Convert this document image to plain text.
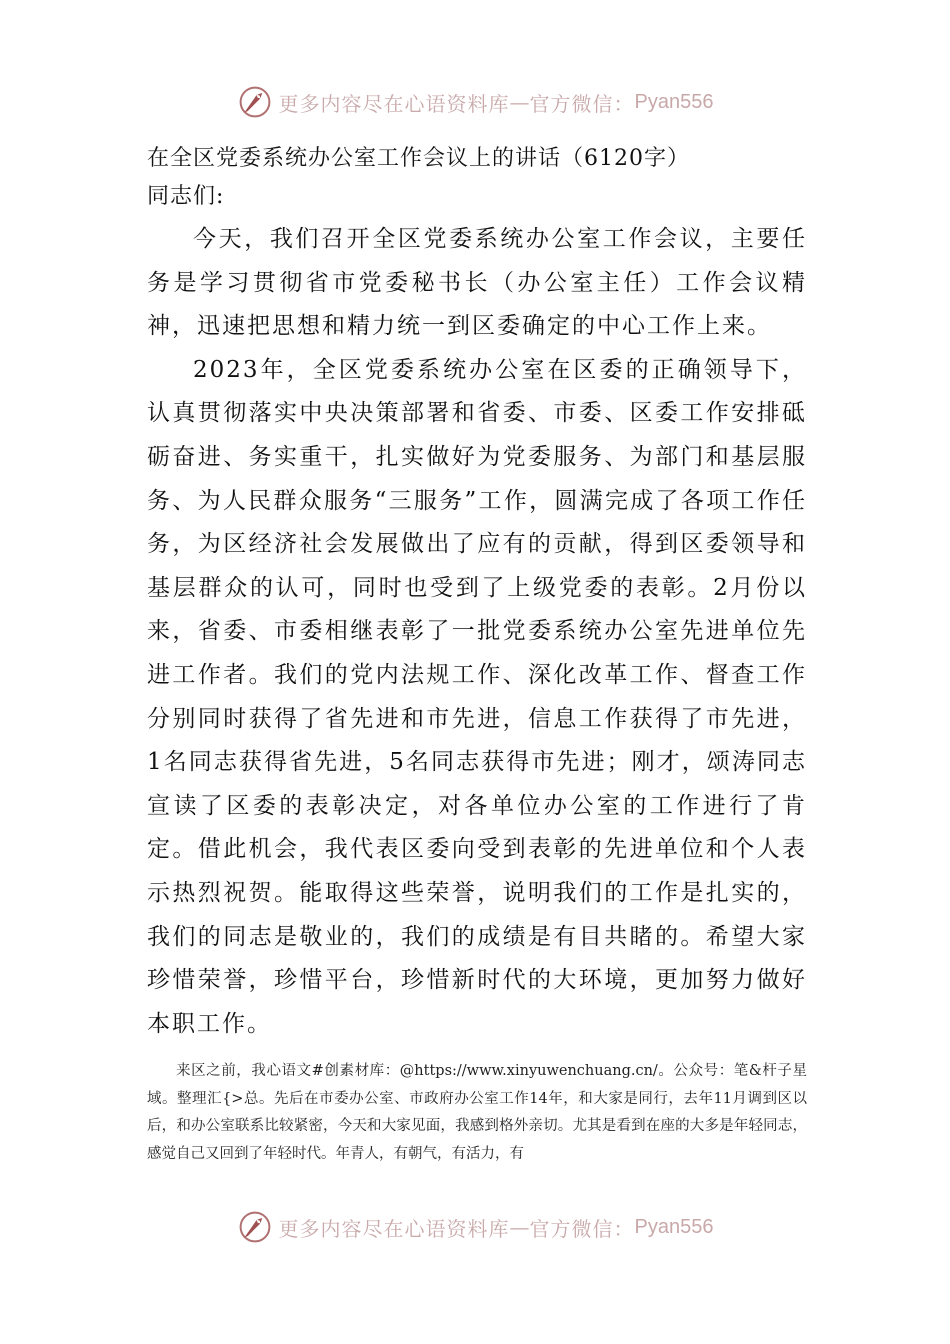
更多内容尽在心语资料库 — 官方微信： Pyan556
在全区党委系统办公室工作会议上的讲话（6120字）
同志们:

今天，我们召开全区党委系统办公室工作会议，主要任务是学习贯彻省市党委秘书长（办公室主任）工作会议精神，迅速把思想和精力统一到区委确定的中心工作上来。

2023年，全区党委系统办公室在区委的正确领导下，认真贯彻落实中央决策部署和省委、市委、区委工作安排砥砺奋进、务实重干，扎实做好为党委服务、为部门和基层服务、为人民群众服务“三服务”工作，圆满完成了各项工作任务，为区经济社会发展做出了应有的贡献，得到区委领导和基层群众的认可，同时也受到了上级党委的表彰。2月份以来，省委、市委相继表彰了一批党委系统办公室先进单位先进工作者。我们的党内法规工作、深化改革工作、督查工作分别同时获得了省先进和市先进，信息工作获得了市先进，1名同志获得省先进，5名同志获得市先进；刚才，颂涛同志宣读了区委的表彰决定，对各单位办公室的工作进行了肯定。借此机会，我代表区委向受到表彰的先进单位和个人表示热烈祝贺。能取得这些荣誉，说明我们的工作是扎实的，我们的同志是敬业的，我们的成绩是有目共睹的。希望大家珍惜荣誉，珍惜平台，珍惜新时代的大环境，更加努力做好本职工作。

来区之前，我心语文#创素材库：@https://www.xinyuwenchuang.cn/。公众号：笔&杆子星域。整理汇{>总。先后在市委办公室、市政府办公室工作14年，和大家是同行，去年11月调到区以后，和办公室联系比较紧密，今天和大家见面，我感到格外亲切。尤其是看到在座的大多是年轻同志，感觉自己又回到了年轻时代。年青人，有朝气，有活力，有

更多内容尽在心语资料库 — 官方微信： Pyan556
